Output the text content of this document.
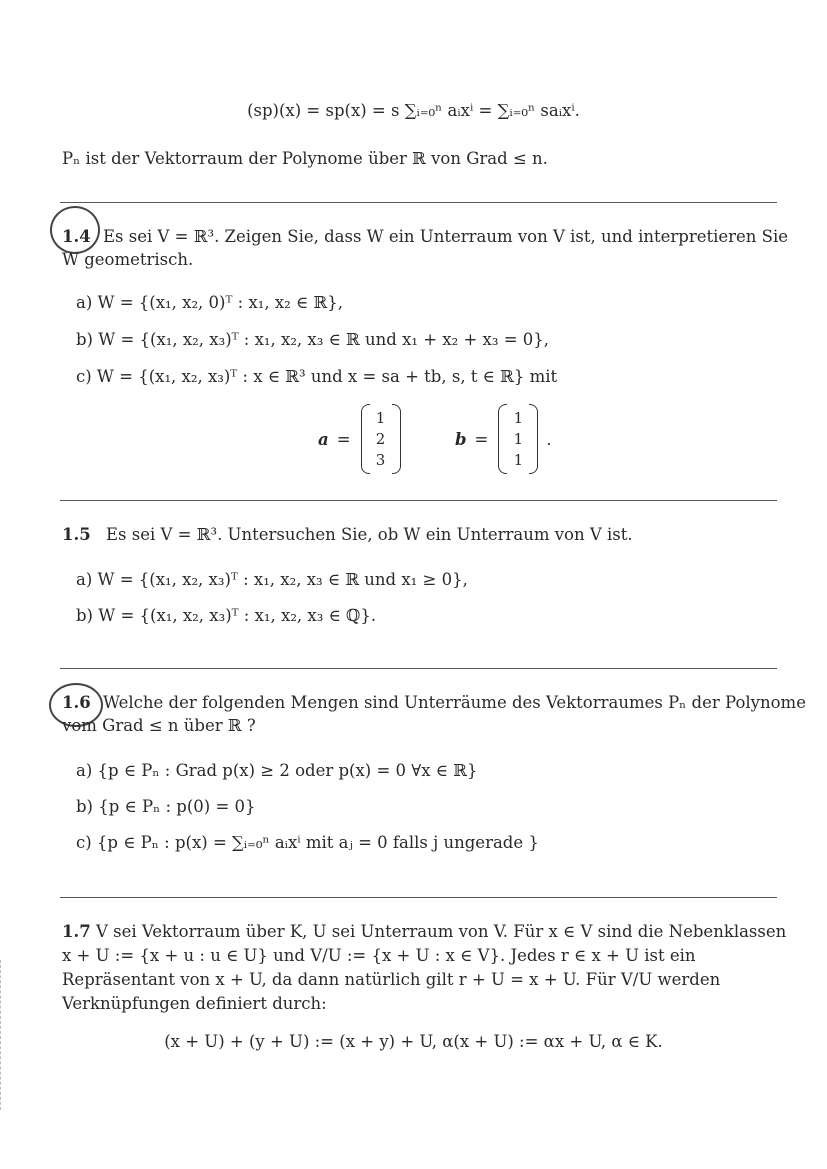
(sp)(x) = sp(x) = s ∑ᵢ₌₀ⁿ aᵢxⁱ = ∑ᵢ₌₀ⁿ saᵢxⁱ.
Pₙ ist der Vektorraum der Polynome über ℝ von Grad ≤ n.
1.4 Es sei V = ℝ³. Zeigen Sie, dass W ein Unterraum von V ist, und interpretieren Sie
W geometrisch.
a) W = {(x₁, x₂, 0)ᵀ : x₁, x₂ ∈ ℝ},
b) W = {(x₁, x₂, x₃)ᵀ : x₁, x₂, x₃ ∈ ℝ und x₁ + x₂ + x₃ = 0},
c) W = {(x₁, x₂, x₃)ᵀ : x ∈ ℝ³ und x = sa + tb, s, t ∈ ℝ} mit
a =
1
2
3
b =
1
1
1
.
1.5 Es sei V = ℝ³. Untersuchen Sie, ob W ein Unterraum von V ist.
a) W = {(x₁, x₂, x₃)ᵀ : x₁, x₂, x₃ ∈ ℝ und x₁ ≥ 0},
b) W = {(x₁, x₂, x₃)ᵀ : x₁, x₂, x₃ ∈ ℚ}.
1.6 Welche der folgenden Mengen sind Unterräume des Vektorraumes Pₙ der Polynome
vom Grad ≤ n über ℝ ?
a) {p ∈ Pₙ : Grad p(x) ≥ 2 oder p(x) = 0 ∀x ∈ ℝ}
b) {p ∈ Pₙ : p(0) = 0}
c) {p ∈ Pₙ : p(x) = ∑ᵢ₌₀ⁿ aᵢxⁱ mit aⱼ = 0 falls j ungerade }
1.7 V sei Vektorraum über K, U sei Unterraum von V. Für x ∈ V sind die Nebenklassen
x + U := {x + u : u ∈ U} und V/U := {x + U : x ∈ V}. Jedes r ∈ x + U ist ein
Repräsentant von x + U, da dann natürlich gilt r + U = x + U. Für V/U werden
Verknüpfungen definiert durch:
(x + U) + (y + U) := (x + y) + U, α(x + U) := αx + U, α ∈ K.
